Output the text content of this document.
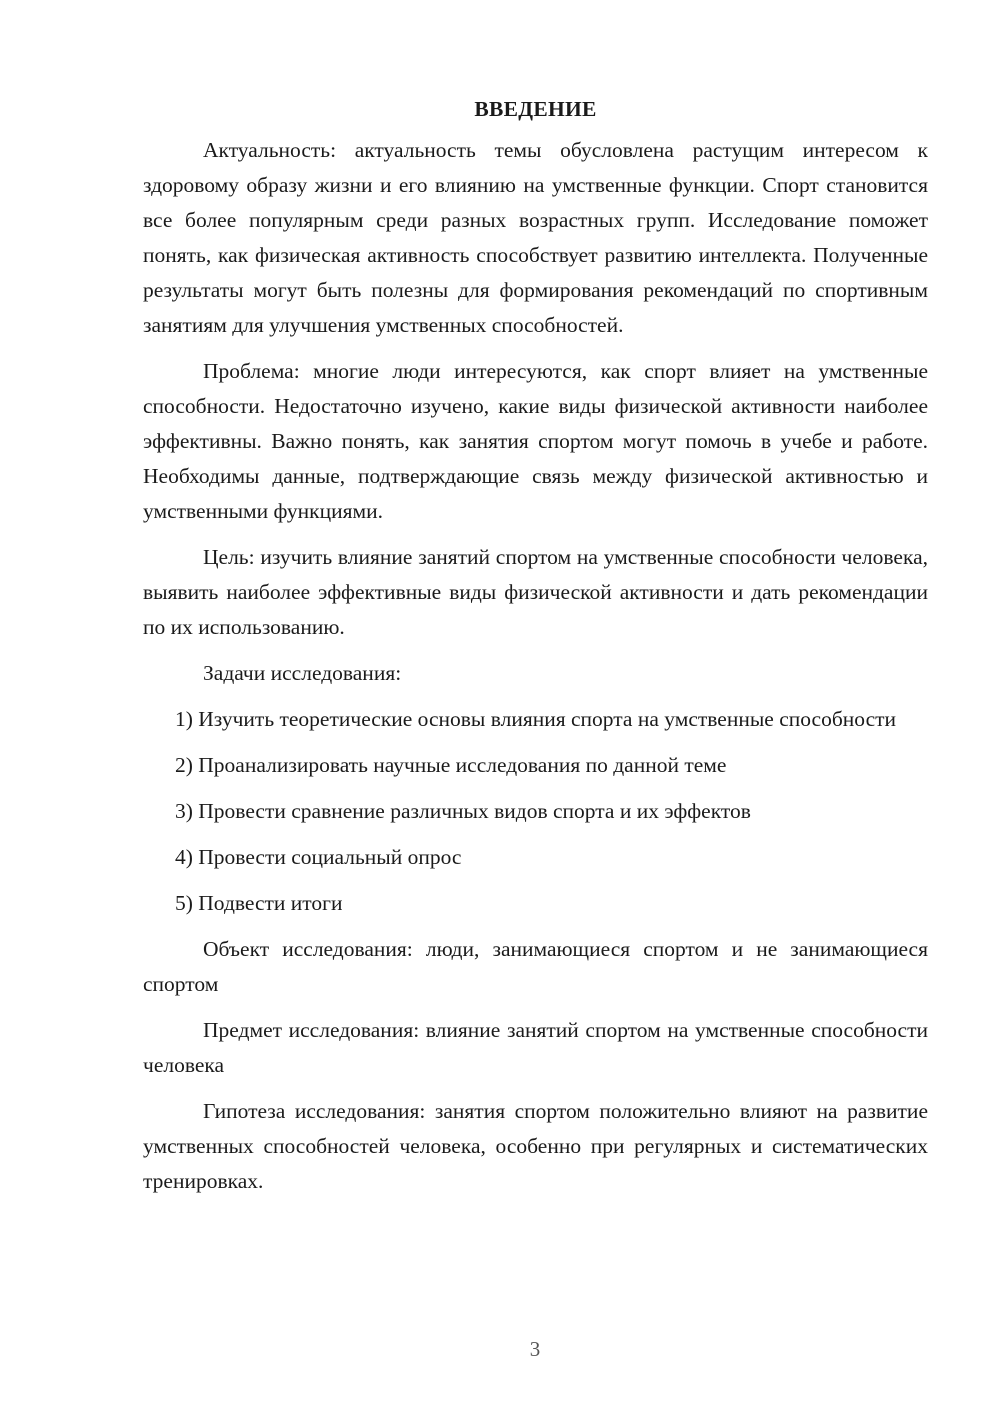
ВВЕДЕНИЕ

Актуальность: актуальность темы обусловлена растущим интересом к здоровому образу жизни и его влиянию на умственные функции. Спорт становится все более популярным среди разных возрастных групп. Исследование поможет понять, как физическая активность способствует развитию интеллекта. Полученные результаты могут быть полезны для формирования рекомендаций по спортивным занятиям для улучшения умственных способностей.

Проблема: многие люди интересуются, как спорт влияет на умственные способности. Недостаточно изучено, какие виды физической активности наиболее эффективны. Важно понять, как занятия спортом могут помочь в учебе и работе. Необходимы данные, подтверждающие связь между физической активностью и умственными функциями.

Цель: изучить влияние занятий спортом на умственные способности человека, выявить наиболее эффективные виды физической активности и дать рекомендации по их использованию.

Задачи исследования:

1) Изучить теоретические основы влияния спорта на умственные способности

2) Проанализировать научные исследования по данной теме

3) Провести сравнение различных видов спорта и их эффектов

4) Провести социальный опрос

5) Подвести итоги

Объект исследования: люди, занимающиеся спортом и не занимающиеся спортом

Предмет исследования: влияние занятий спортом на умственные способности человека

Гипотеза исследования: занятия спортом положительно влияют на развитие умственных способностей человека, особенно при регулярных и систематических тренировках.

3
